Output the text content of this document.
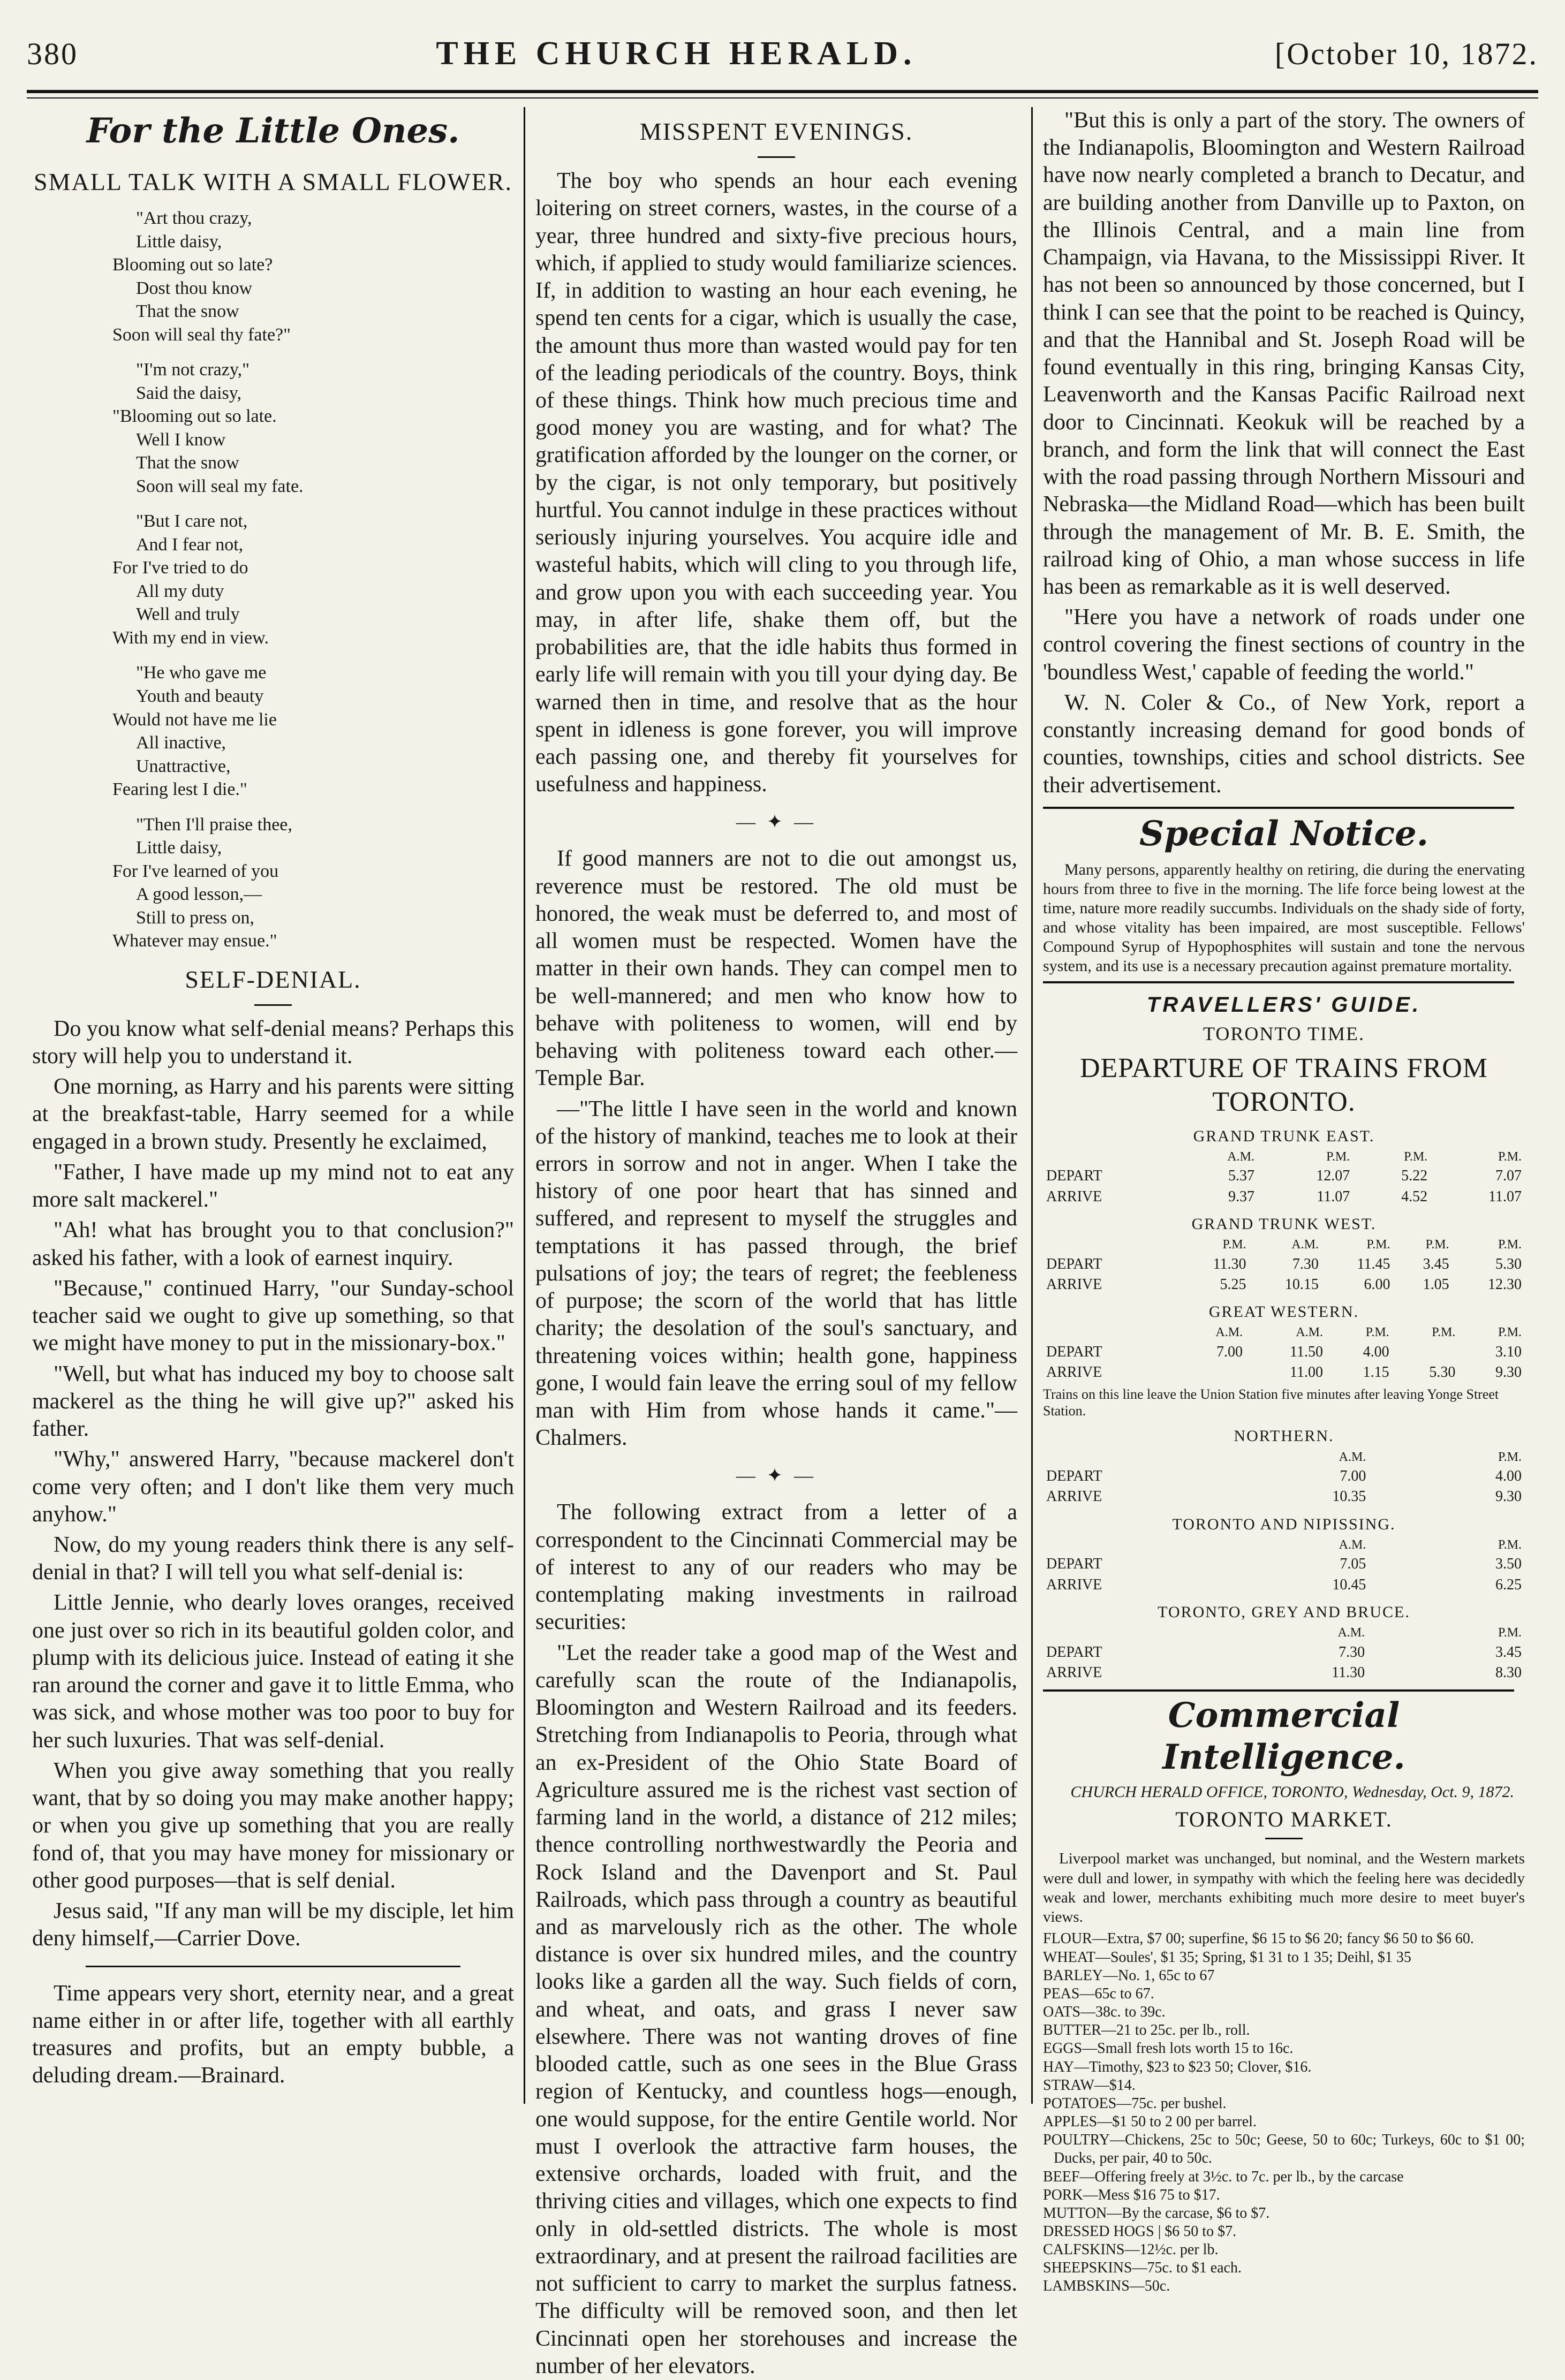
380	THE CHURCH HERALD.	[October 10, 1872.
For the Little Ones.
SMALL TALK WITH A SMALL FLOWER.
"Art thou crazy,
Little daisy,
Blooming out so late?
Dost thou know
That the snow
Soon will seal thy fate?"
"I'm not crazy,"
Said the daisy,
"Blooming out so late.
Well I know
That the snow
Soon will seal my fate.
"But I care not,
And I fear not,
For I've tried to do
All my duty
Well and truly
With my end in view.
"He who gave me
Youth and beauty
Would not have me lie
All inactive,
Unattractive,
Fearing lest I die."
"Then I'll praise thee,
Little daisy,
For I've learned of you
A good lesson,—
Still to press on,
Whatever may ensue."
SELF-DENIAL.

Do you know what self-denial means? Perhaps this story will help you to understand it.

One morning, as Harry and his parents were sitting at the breakfast-table, Harry seemed for a while engaged in a brown study. Presently he exclaimed,

"Father, I have made up my mind not to eat any more salt mackerel."

"Ah! what has brought you to that conclusion?" asked his father, with a look of earnest inquiry.

"Because," continued Harry, "our Sunday-school teacher said we ought to give up something, so that we might have money to put in the missionary-box."

"Well, but what has induced my boy to choose salt mackerel as the thing he will give up?" asked his father.

"Why," answered Harry, "because mackerel don't come very often; and I don't like them very much anyhow."

Now, do my young readers think there is any self-denial in that? I will tell you what self-denial is:

Little Jennie, who dearly loves oranges, received one just over so rich in its beautiful golden color, and plump with its delicious juice. Instead of eating it she ran around the corner and gave it to little Emma, who was sick, and whose mother was too poor to buy for her such luxuries. That was self-denial.

When you give away something that you really want, that by so doing you may make another happy; or when you give up something that you are really fond of, that you may have money for missionary or other good purposes—that is self denial.

Jesus said, "If any man will be my disciple, let him deny himself,—Carrier Dove.

Time appears very short, eternity near, and a great name either in or after life, together with all earthly treasures and profits, but an empty bubble, a deluding dream.—Brainard.

MISSPENT EVENINGS.

The boy who spends an hour each evening loitering on street corners, wastes, in the course of a year, three hundred and sixty-five precious hours, which, if applied to study would familiarize sciences. If, in addition to wasting an hour each evening, he spend ten cents for a cigar, which is usually the case, the amount thus more than wasted would pay for ten of the leading periodicals of the country. Boys, think of these things. Think how much precious time and good money you are wasting, and for what? The gratification afforded by the lounger on the corner, or by the cigar, is not only temporary, but positively hurtful. You cannot indulge in these practices without seriously injuring yourselves. You acquire idle and wasteful habits, which will cling to you through life, and grow upon you with each succeeding year. You may, in after life, shake them off, but the probabilities are, that the idle habits thus formed in early life will remain with you till your dying day. Be warned then in time, and resolve that as the hour spent in idleness is gone forever, you will improve each passing one, and thereby fit yourselves for usefulness and happiness.

— ✦ —

If good manners are not to die out amongst us, reverence must be restored. The old must be honored, the weak must be deferred to, and most of all women must be respected. Women have the matter in their own hands. They can compel men to be well-mannered; and men who know how to behave with politeness to women, will end by behaving with politeness toward each other.—Temple Bar.

—"The little I have seen in the world and known of the history of mankind, teaches me to look at their errors in sorrow and not in anger. When I take the history of one poor heart that has sinned and suffered, and represent to myself the struggles and temptations it has passed through, the brief pulsations of joy; the tears of regret; the feebleness of purpose; the scorn of the world that has little charity; the desolation of the soul's sanctuary, and threatening voices within; health gone, happiness gone, I would fain leave the erring soul of my fellow man with Him from whose hands it came."—Chalmers.

— ✦ —

The following extract from a letter of a correspondent to the Cincinnati Commercial may be of interest to any of our readers who may be contemplating making investments in railroad securities:

"Let the reader take a good map of the West and carefully scan the route of the Indianapolis, Bloomington and Western Railroad and its feeders. Stretching from Indianapolis to Peoria, through what an ex-President of the Ohio State Board of Agriculture assured me is the richest vast section of farming land in the world, a distance of 212 miles; thence controlling northwestwardly the Peoria and Rock Island and the Davenport and St. Paul Railroads, which pass through a country as beautiful and as marvelously rich as the other. The whole distance is over six hundred miles, and the country looks like a garden all the way. Such fields of corn, and wheat, and oats, and grass I never saw elsewhere. There was not wanting droves of fine blooded cattle, such as one sees in the Blue Grass region of Kentucky, and countless hogs—enough, one would suppose, for the entire Gentile world. Nor must I overlook the attractive farm houses, the extensive orchards, loaded with fruit, and the thriving cities and villages, which one expects to find only in old-settled districts. The whole is most extraordinary, and at present the railroad facilities are not sufficient to carry to market the surplus fatness. The difficulty will be removed soon, and then let Cincinnati open her storehouses and increase the number of her elevators.

"But this is only a part of the story. The owners of the Indianapolis, Bloomington and Western Railroad have now nearly completed a branch to Decatur, and are building another from Danville up to Paxton, on the Illinois Central, and a main line from Champaign, via Havana, to the Mississippi River. It has not been so announced by those concerned, but I think I can see that the point to be reached is Quincy, and that the Hannibal and St. Joseph Road will be found eventually in this ring, bringing Kansas City, Leavenworth and the Kansas Pacific Railroad next door to Cincinnati. Keokuk will be reached by a branch, and form the link that will connect the East with the road passing through Northern Missouri and Nebraska—the Midland Road—which has been built through the management of Mr. B. E. Smith, the railroad king of Ohio, a man whose success in life has been as remarkable as it is well deserved.

"Here you have a network of roads under one control covering the finest sections of country in the 'boundless West,' capable of feeding the world."

W. N. Coler & Co., of New York, report a constantly increasing demand for good bonds of counties, townships, cities and school districts. See their advertisement.

Special Notice.

Many persons, apparently healthy on retiring, die during the enervating hours from three to five in the morning. The life force being lowest at the time, nature more readily succumbs. Individuals on the shady side of forty, and whose vitality has been impaired, are most susceptible. Fellows' Compound Syrup of Hypophosphites will sustain and tone the nervous system, and its use is a necessary precaution against premature mortality.

TRAVELLERS' GUIDE.
TORONTO TIME.
DEPARTURE OF TRAINS FROM TORONTO.
GRAND TRUNK EAST.
	A.M.	P.M.	P.M.	P.M.
DEPART	5.37	12.07	5.22	7.07
ARRIVE	9.37	11.07	4.52	11.07
GRAND TRUNK WEST.
	P.M.	A.M.	P.M.	P.M.	P.M.
DEPART	11.30	7.30	11.45	3.45	5.30
ARRIVE	5.25	10.15	6.00	1.05	12.30
GREAT WESTERN.
	A.M.	A.M.	P.M.	P.M.	P.M.
DEPART	7.00	11.50	4.00		3.10
ARRIVE		11.00	1.15	5.30	9.30
Trains on this line leave the Union Station five minutes after leaving Yonge Street Station.
NORTHERN.
	A.M.	P.M.
DEPART	7.00	4.00
ARRIVE	10.35	9.30
TORONTO AND NIPISSING.
	A.M.	P.M.
DEPART	7.05	3.50
ARRIVE	10.45	6.25
TORONTO, GREY AND BRUCE.
	A.M.	P.M.
DEPART	7.30	3.45
ARRIVE	11.30	8.30
Commercial Intelligence.
CHURCH HERALD OFFICE, TORONTO, Wednesday, Oct. 9, 1872.
TORONTO MARKET.

Liverpool market was unchanged, but nominal, and the Western markets were dull and lower, in sympathy with which the feeling here was decidedly weak and lower, merchants exhibiting much more desire to meet buyer's views.

FLOUR—Extra, $7 00; superfine, $6 15 to $6 20; fancy $6 50 to $6 60.

WHEAT—Soules', $1 35; Spring, $1 31 to 1 35; Deihl, $1 35

BARLEY—No. 1, 65c to 67

PEAS—65c to 67.

OATS—38c. to 39c.

BUTTER—21 to 25c. per lb., roll.

EGGS—Small fresh lots worth 15 to 16c.

HAY—Timothy, $23 to $23 50; Clover, $16.

STRAW—$14.

POTATOES—75c. per bushel.

APPLES—$1 50 to 2 00 per barrel.

POULTRY—Chickens, 25c to 50c; Geese, 50 to 60c; Turkeys, 60c to $1 00; Ducks, per pair, 40 to 50c.

BEEF—Offering freely at 3½c. to 7c. per lb., by the carcase

PORK—Mess $16 75 to $17.

MUTTON—By the carcase, $6 to $7.

DRESSED HOGS | $6 50 to $7.

CALFSKINS—12½c. per lb.

SHEEPSKINS—75c. to $1 each.

LAMBSKINS—50c.
